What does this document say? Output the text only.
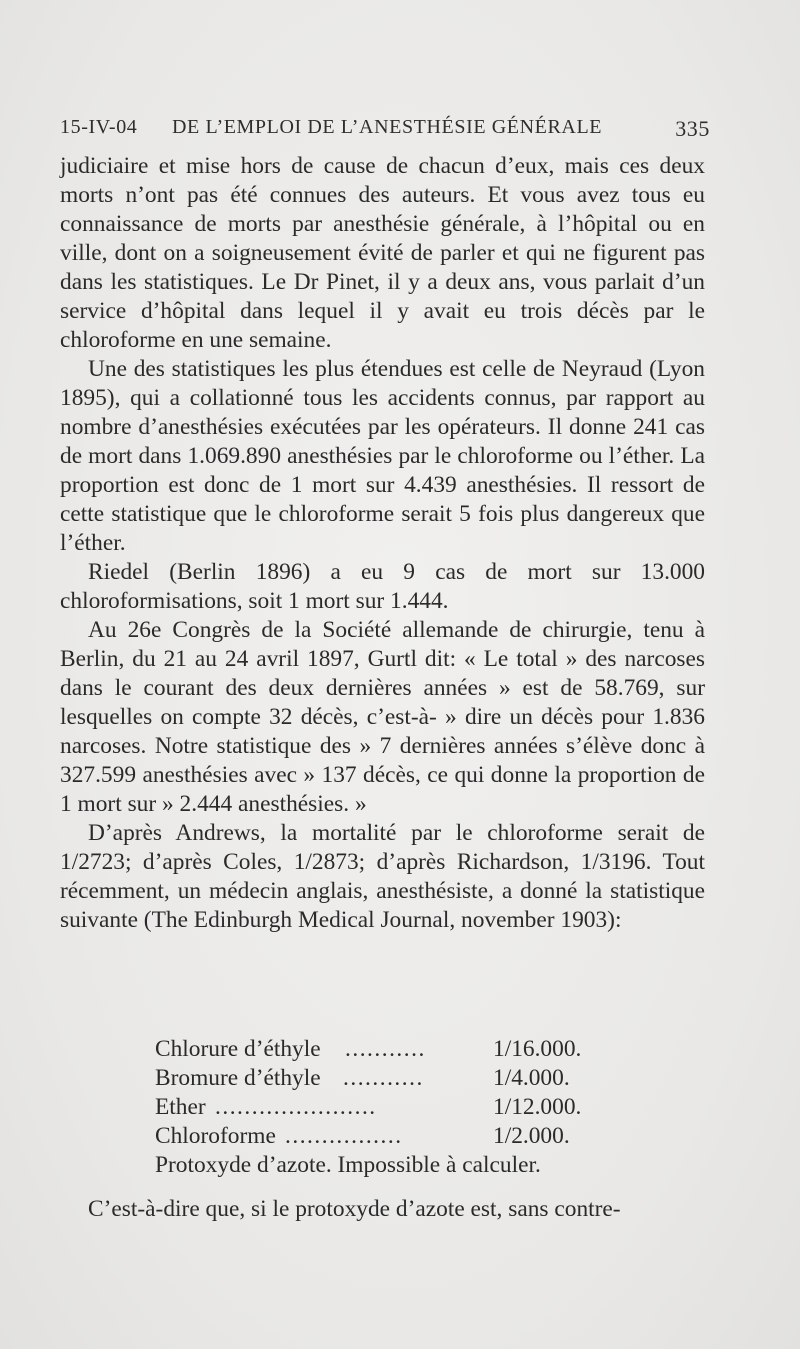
15-IV-04 DE L’EMPLOI DE L’ANESTHÉSIE GÉNÉRALE	335

judiciaire et mise hors de cause de chacun d’eux, mais ces deux morts n’ont pas été connues des auteurs. Et vous avez tous eu connaissance de morts par anesthésie générale, à l’hôpital ou en ville, dont on a soigneusement évité de parler et qui ne figurent pas dans les statistiques. Le Dr Pinet, il y a deux ans, vous parlait d’un service d’hôpital dans lequel il y avait eu trois décès par le chloroforme en une semaine.

Une des statistiques les plus étendues est celle de Neyraud (Lyon 1895), qui a collationné tous les accidents connus, par rapport au nombre d’anesthésies exécutées par les opérateurs. Il donne 241 cas de mort dans 1.069.890 anesthésies par le chloroforme ou l’éther. La proportion est donc de 1 mort sur 4.439 anesthésies. Il ressort de cette statistique que le chloroforme serait 5 fois plus dangereux que l’éther.

Riedel (Berlin 1896) a eu 9 cas de mort sur 13.000 chloroformisations, soit 1 mort sur 1.444.

Au 26e Congrès de la Société allemande de chirurgie, tenu à Berlin, du 21 au 24 avril 1897, Gurtl dit: « Le total » des narcoses dans le courant des deux dernières années » est de 58.769, sur lesquelles on compte 32 décès, c’est-à- » dire un décès pour 1.836 narcoses. Notre statistique des » 7 dernières années s’élève donc à 327.599 anesthésies avec » 137 décès, ce qui donne la proportion de 1 mort sur » 2.444 anesthésies. »

D’après Andrews, la mortalité par le chloroforme serait de 1/2723; d’après Coles, 1/2873; d’après Richardson, 1/3196. Tout récemment, un médecin anglais, anesthésiste, a donné la statistique suivante (The Edinburgh Medical Journal, november 1903):

Chlorure d’éthyle ...........	1/16.000.
Bromure d’éthyle ...........	1/4.000.
Ether ......................	1/12.000.
Chloroforme ................	1/2.000.
Protoxyde d’azote. Impossible à calculer.
C’est-à-dire que, si le protoxyde d’azote est, sans contre-
